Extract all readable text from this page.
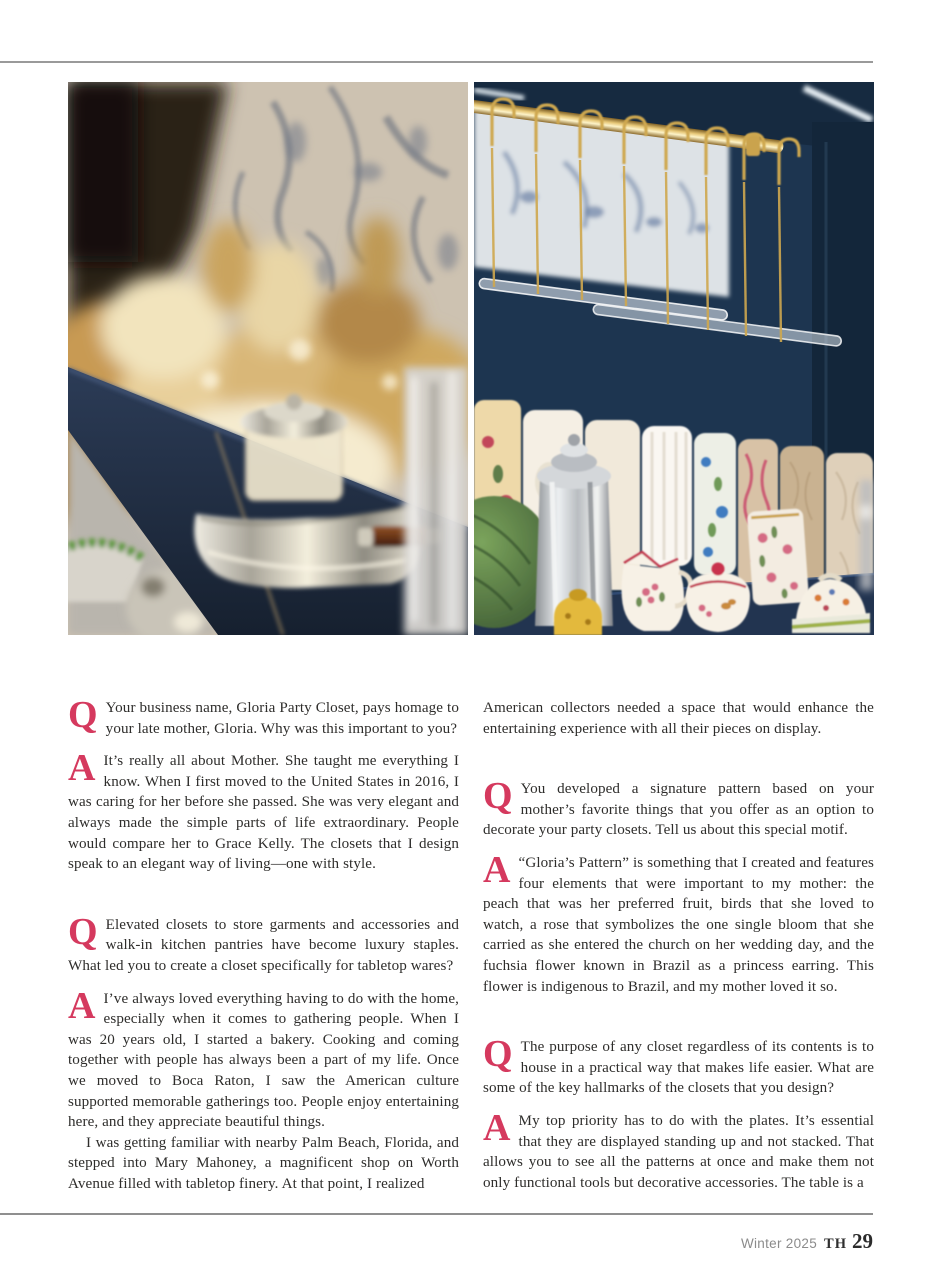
Q Your business name, Gloria Party Closet, pays homage to your late mother, Gloria. Why was this important to you?

A It’s really all about Mother. She taught me everything I know. When I first moved to the United States in 2016, I was caring for her before she passed. She was very elegant and always made the simple parts of life extraordinary. People would compare her to Grace Kelly. The closets that I design speak to an elegant way of living—one with style.

Q Elevated closets to store garments and accessories and walk-in kitchen pantries have become luxury staples. What led you to create a closet specifically for tabletop wares?

A I’ve always loved everything having to do with the home, especially when it comes to gathering people. When I was 20 years old, I started a bakery. Cooking and coming together with people has always been a part of my life. Once we moved to Boca Raton, I saw the American culture supported memorable gatherings too. People enjoy entertaining here, and they appreciate beautiful things.

I was getting familiar with nearby Palm Beach, Florida, and stepped into Mary Mahoney, a magnificent shop on Worth Avenue filled with tabletop finery. At that point, I realized

American collectors needed a space that would enhance the entertaining experience with all their pieces on display.

Q You developed a signature pattern based on your mother’s favorite things that you offer as an option to decorate your party closets. Tell us about this special motif.

A “Gloria’s Pattern” is something that I created and features four elements that were important to my mother: the peach that was her preferred fruit, birds that she loved to watch, a rose that symbolizes the one single bloom that she carried as she entered the church on her wedding day, and the fuchsia flower known in Brazil as a princess earring. This flower is indigenous to Brazil, and my mother loved it so.

Q The purpose of any closet regardless of its contents is to house in a practical way that makes life easier. What are some of the key hallmarks of the closets that you design?

A My top priority has to do with the plates. It’s essential that they are displayed standing up and not stacked. That allows you to see all the patterns at once and make them not only functional tools but decorative accessories. The table is a

Winter 2025 TH 29
